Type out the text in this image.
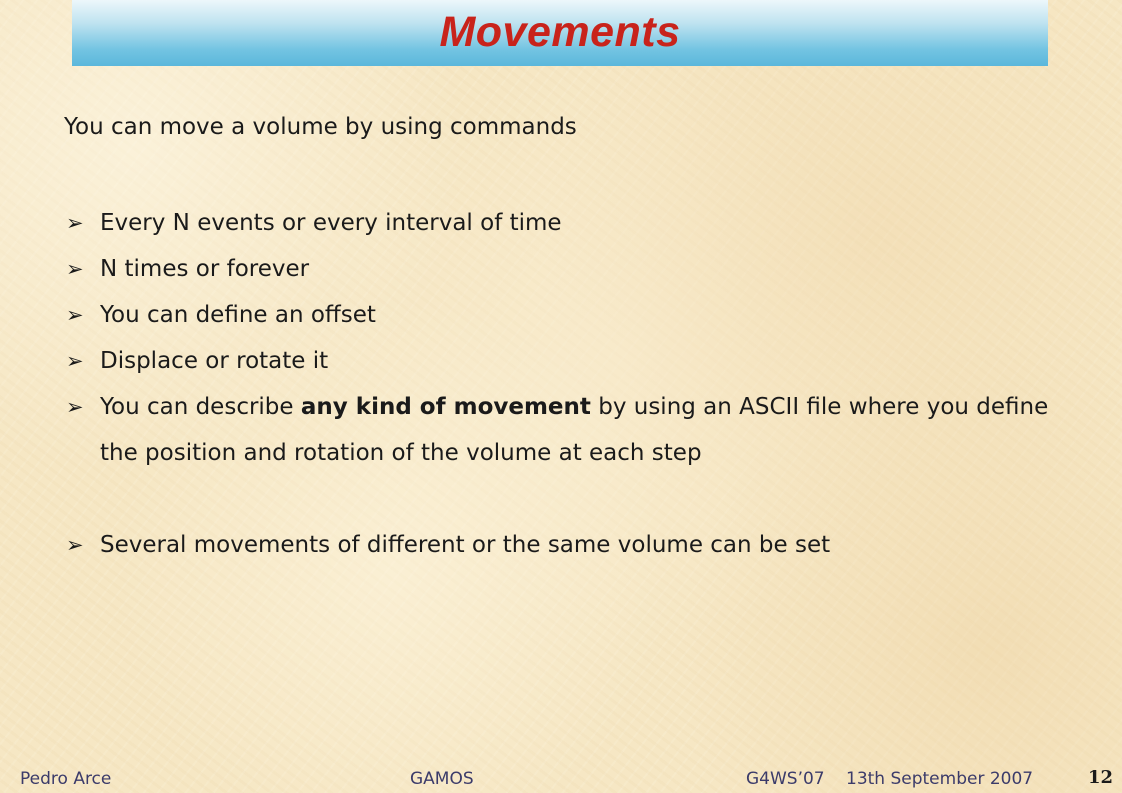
Movements
You can move a volume by using commands
➢ Every N events or every interval of time
➢ N times or forever
➢ You can define an offset
➢ Displace or rotate it
➢ You can describe any kind of movement by using an ASCII file where you define the position and rotation of the volume at each step
➢ Several movements of different or the same volume can be set
Pedro Arce	GAMOS	G4WS’07 13th September 2007	12
